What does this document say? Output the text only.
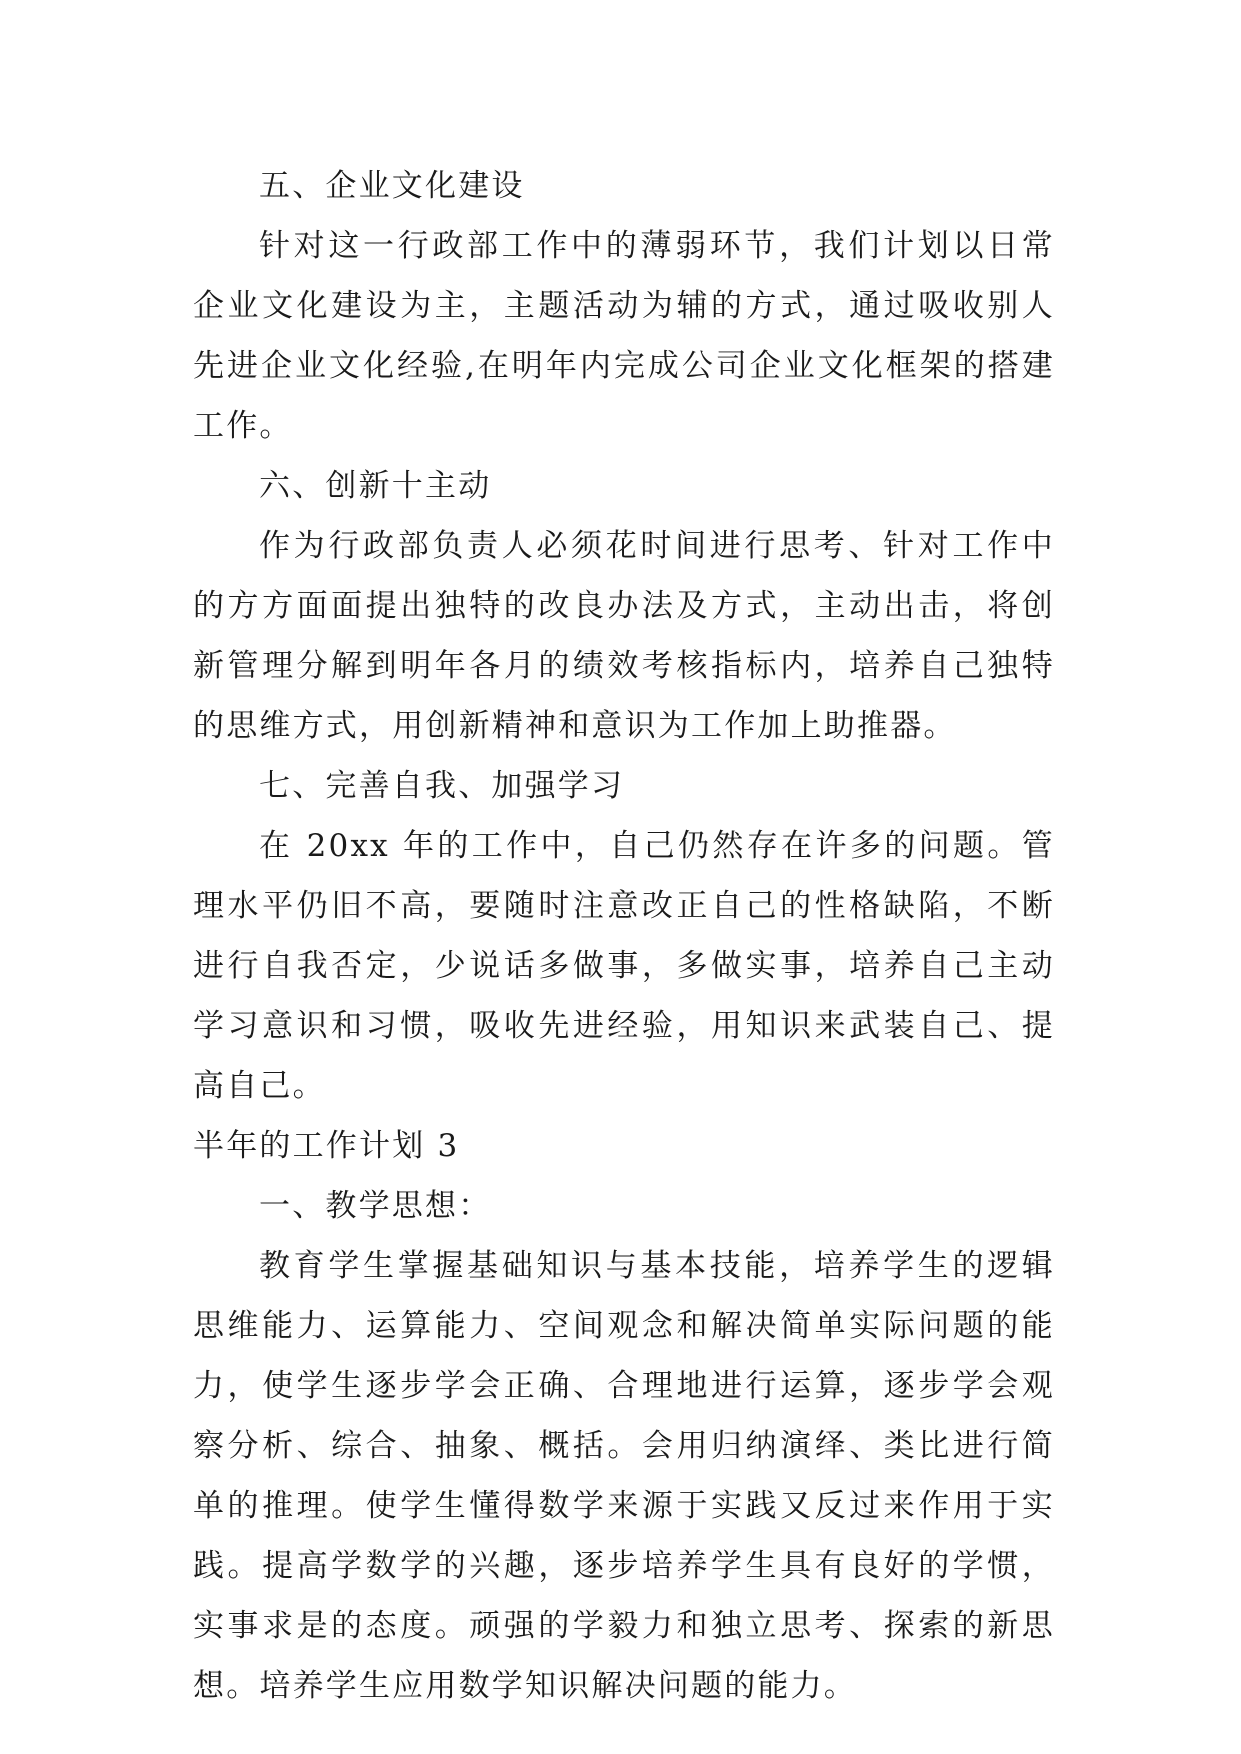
五、企业文化建设

针对这一行政部工作中的薄弱环节，我们计划以日常企业文化建设为主，主题活动为辅的方式，通过吸收别人先进企业文化经验,在明年内完成公司企业文化框架的搭建工作。

六、创新十主动

作为行政部负责人必须花时间进行思考、针对工作中的方方面面提出独特的改良办法及方式，主动出击，将创新管理分解到明年各月的绩效考核指标内，培养自己独特的思维方式，用创新精神和意识为工作加上助推器。

七、完善自我、加强学习

在 20xx 年的工作中，自己仍然存在许多的问题。管理水平仍旧不高，要随时注意改正自己的性格缺陷，不断进行自我否定，少说话多做事，多做实事，培养自己主动学习意识和习惯，吸收先进经验，用知识来武装自己、提高自己。

半年的工作计划 3

一、教学思想：

教育学生掌握基础知识与基本技能，培养学生的逻辑思维能力、运算能力、空间观念和解决简单实际问题的能力，使学生逐步学会正确、合理地进行运算，逐步学会观察分析、综合、抽象、概括。会用归纳演绎、类比进行简单的推理。使学生懂得数学来源于实践又反过来作用于实践。提高学数学的兴趣，逐步培养学生具有良好的学惯，实事求是的态度。顽强的学毅力和独立思考、探索的新思想。培养学生应用数学知识解决问题的能力。
